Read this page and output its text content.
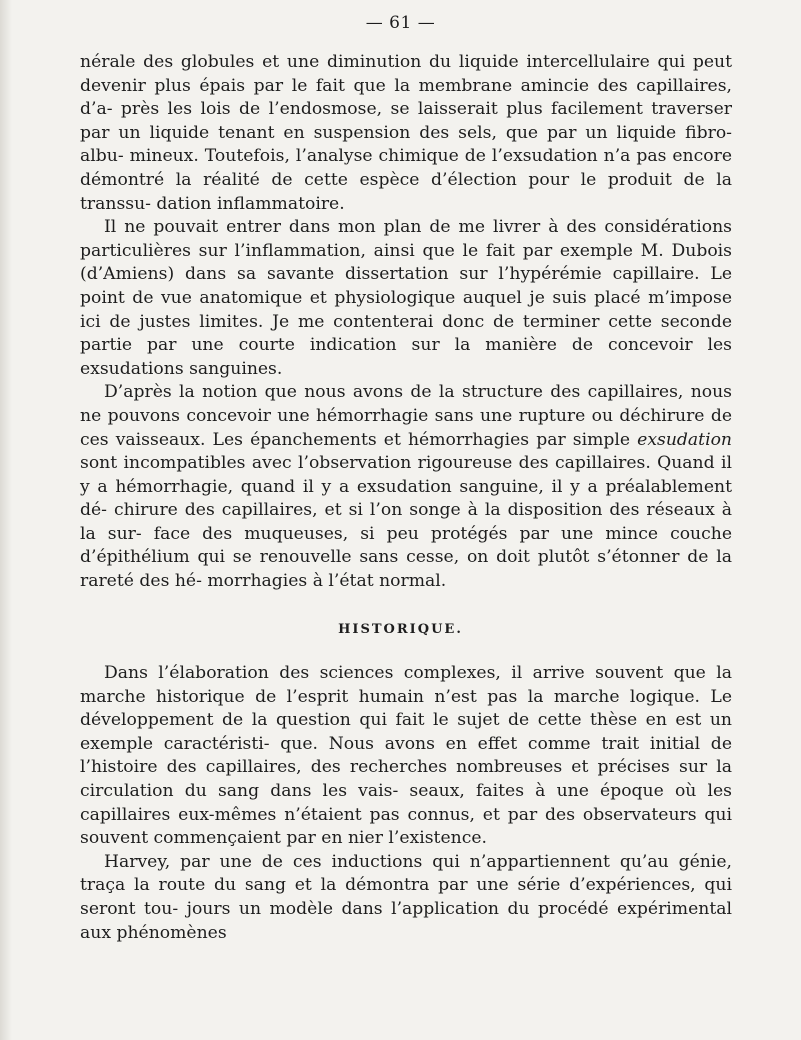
— 61 —

nérale des globules et une diminution du liquide intercellulaire qui peut devenir plus épais par le fait que la membrane amincie des capillaires, d’a- près les lois de l’endosmose, se laisserait plus facilement traverser par un liquide tenant en suspension des sels, que par un liquide fibro-albu- mineux. Toutefois, l’analyse chimique de l’exsudation n’a pas encore démontré la réalité de cette espèce d’élection pour le produit de la transsu- dation inflammatoire.

Il ne pouvait entrer dans mon plan de me livrer à des considérations particulières sur l’inflammation, ainsi que le fait par exemple M. Dubois (d’Amiens) dans sa savante dissertation sur l’hypérémie capillaire. Le point de vue anatomique et physiologique auquel je suis placé m’impose ici de justes limites. Je me contenterai donc de terminer cette seconde partie par une courte indication sur la manière de concevoir les exsudations sanguines.

D’après la notion que nous avons de la structure des capillaires, nous ne pouvons concevoir une hémorrhagie sans une rupture ou déchirure de ces vaisseaux. Les épanchements et hémorrhagies par simple exsudation sont incompatibles avec l’observation rigoureuse des capillaires. Quand il y a hémorrhagie, quand il y a exsudation sanguine, il y a préalablement dé- chirure des capillaires, et si l’on songe à la disposition des réseaux à la sur- face des muqueuses, si peu protégés par une mince couche d’épithélium qui se renouvelle sans cesse, on doit plutôt s’étonner de la rareté des hé- morrhagies à l’état normal.

HISTORIQUE.

Dans l’élaboration des sciences complexes, il arrive souvent que la marche historique de l’esprit humain n’est pas la marche logique. Le développement de la question qui fait le sujet de cette thèse en est un exemple caractéristi- que. Nous avons en effet comme trait initial de l’histoire des capillaires, des recherches nombreuses et précises sur la circulation du sang dans les vais- seaux, faites à une époque où les capillaires eux-mêmes n’étaient pas connus, et par des observateurs qui souvent commençaient par en nier l’existence.

Harvey, par une de ces inductions qui n’appartiennent qu’au génie, traça la route du sang et la démontra par une série d’expériences, qui seront tou- jours un modèle dans l’application du procédé expérimental aux phénomènes
